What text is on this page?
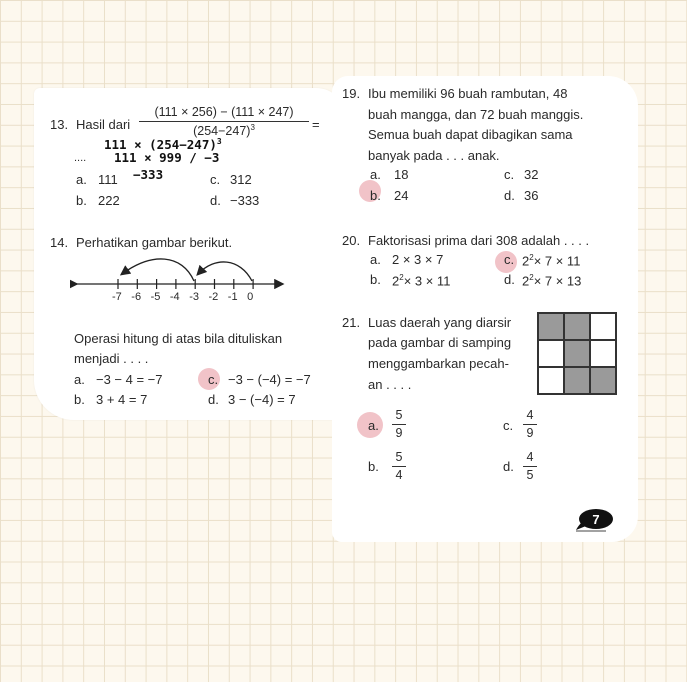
13. Hasil dari $\frac{(111 \times 256) - (111 \times 247)}{(254-247)^3}$ =
....
$111 \times (254-247)^3$
111 × 999 / −3
−333
a. 111	c. 312
b. 222	d. −333
14. Perhatikan gambar berikut.
-7 -6 -5 -4 -3 -2 -1 0
Operasi hitung di atas bila dituliskan
menjadi . . . .
a. −3 − 4 = −7	c. −3 − (−4) = −7
b. 3 + 4 = 7	d. 3 − (−4) = 7
19. Ibu memiliki 96 buah rambutan, 48
buah mangga, dan 72 buah manggis.
Semua buah dapat dibagikan sama
banyak pada . . . anak.
a. 18	c. 32
b. 24	d. 36
20. Faktorisasi prima dari 308 adalah . . . .
a. 2 × 3 × 7	c. $2^2\times 7 \times 11$
b. $2^2\times 3 \times 11$	d. $2^2\times 7 \times 13$
21. Luas daerah yang diarsir
pada gambar di samping
menggambarkan pecah-
an . . . .
a. $\frac{5}{9}$	c. $\frac{4}{9}$
b. $\frac{5}{4}$	d. $\frac{4}{5}$
7
